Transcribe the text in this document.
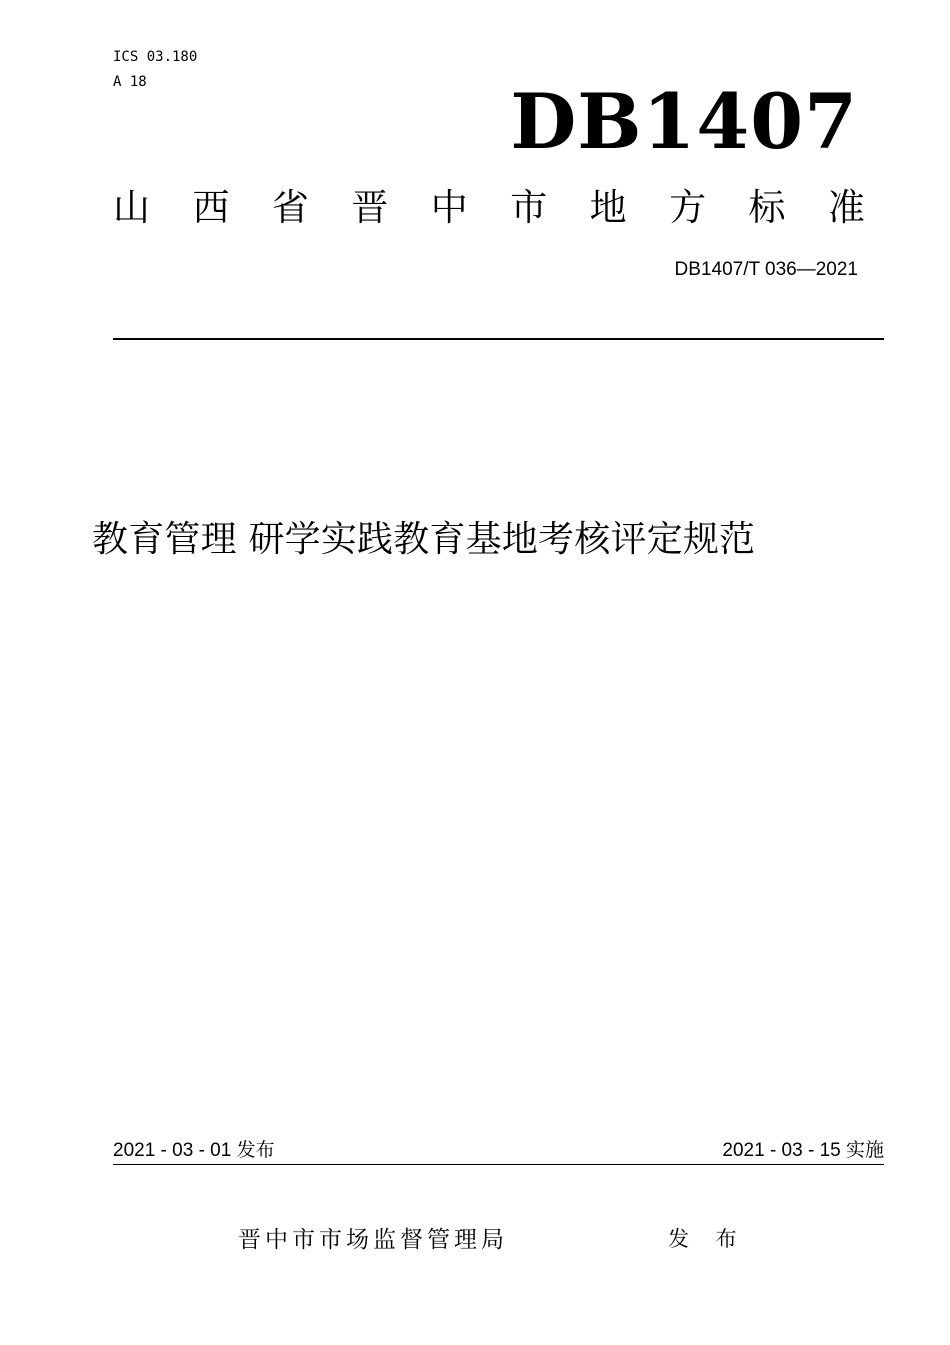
ICS 03.180
A 18	DB1407
山 西 省 晋 中 市 地 方 标 准
DB1407/T 036—2021
教育管理 研学实践教育基地考核评定规范
2021 - 03 - 01 发布	2021 - 03 - 15 实施
晋中市市场监督管理局	发 布
